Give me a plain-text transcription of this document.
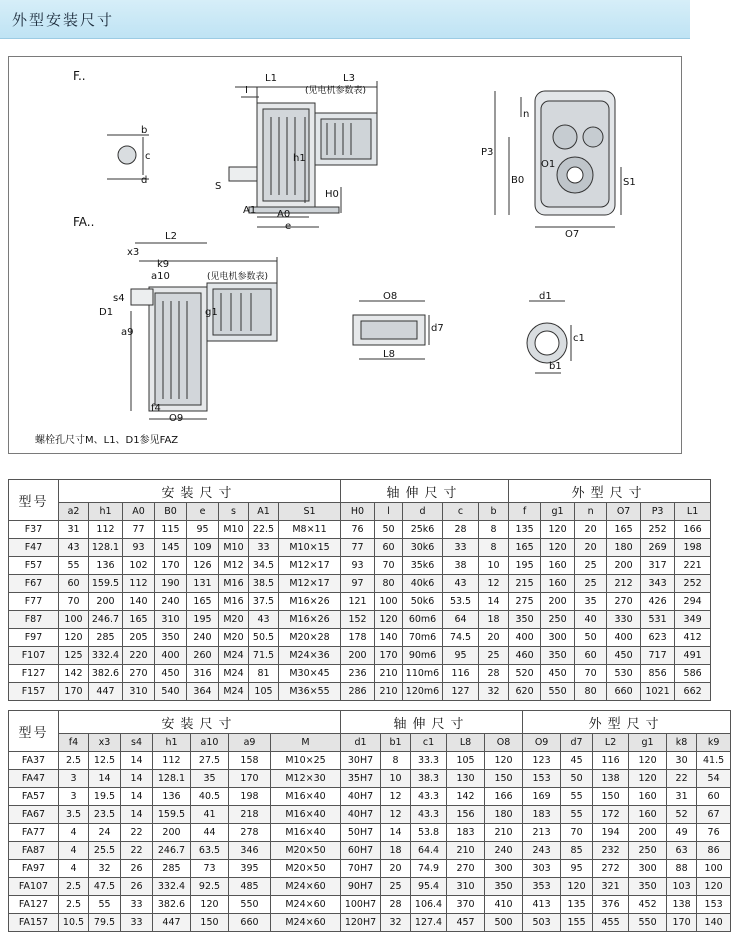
外型安装尺寸
F..
FA..
(见电机参数表)
(见电机参数表)
L1	L3
I
h1
S
A1 A0
e
H0
b
c
d
P3
B0
O1
S1
O7
n
L2
x3
k9
a10
f4
O9
a9
O8
L8
d7
d1
c1
b1
g1
D1
s4
螺栓孔尺寸M、L1、D1参见FAZ
型号	安装尺寸								轴伸尺寸					外型尺寸					
	a2	h1	A0	B0	e	s	A1	S1	H0	l	d	c	b	f	g1	n	O7	P3	L1
F37	31	112	77	115	95	M10	22.5	M8×11	76	50	25k6	28	8	135	120	20	165	252	166
F47	43	128.1	93	145	109	M10	33	M10×15	77	60	30k6	33	8	165	120	20	180	269	198
F57	55	136	102	170	126	M12	34.5	M12×17	93	70	35k6	38	10	195	160	25	200	317	221
F67	60	159.5	112	190	131	M16	38.5	M12×17	97	80	40k6	43	12	215	160	25	212	343	252
F77	70	200	140	240	165	M16	37.5	M16×26	121	100	50k6	53.5	14	275	200	35	270	426	294
F87	100	246.7	165	310	195	M20	43	M16×26	152	120	60m6	64	18	350	250	40	330	531	349
F97	120	285	205	350	240	M20	50.5	M20×28	178	140	70m6	74.5	20	400	300	50	400	623	412
F107	125	332.4	220	400	260	M24	71.5	M24×36	200	170	90m6	95	25	460	350	60	450	717	491
F127	142	382.6	270	450	316	M24	81	M30×45	236	210	110m6	116	28	520	450	70	530	856	586
F157	170	447	310	540	364	M24	105	M36×55	286	210	120m6	127	32	620	550	80	660	1021	662
型号	安装尺寸							轴伸尺寸					外型尺寸					
	f4	x3	s4	h1	a10	a9	M	d1	b1	c1	L8	O8	O9	d7	L2	g1	k8	k9
FA37	2.5	12.5	14	112	27.5	158	M10×25	30H7	8	33.3	105	120	123	45	116	120	30	41.5
FA47	3	14	14	128.1	35	170	M12×30	35H7	10	38.3	130	150	153	50	138	120	22	54
FA57	3	19.5	14	136	40.5	198	M16×40	40H7	12	43.3	142	166	169	55	150	160	31	60
FA67	3.5	23.5	14	159.5	41	218	M16×40	40H7	12	43.3	156	180	183	55	172	160	52	67
FA77	4	24	22	200	44	278	M16×40	50H7	14	53.8	183	210	213	70	194	200	49	76
FA87	4	25.5	22	246.7	63.5	346	M20×50	60H7	18	64.4	210	240	243	85	232	250	63	86
FA97	4	32	26	285	73	395	M20×50	70H7	20	74.9	270	300	303	95	272	300	88	100
FA107	2.5	47.5	26	332.4	92.5	485	M24×60	90H7	25	95.4	310	350	353	120	321	350	103	120
FA127	2.5	55	33	382.6	120	550	M24×60	100H7	28	106.4	370	410	413	135	376	452	138	153
FA157	10.5	79.5	33	447	150	660	M24×60	120H7	32	127.4	457	500	503	155	455	550	170	140
